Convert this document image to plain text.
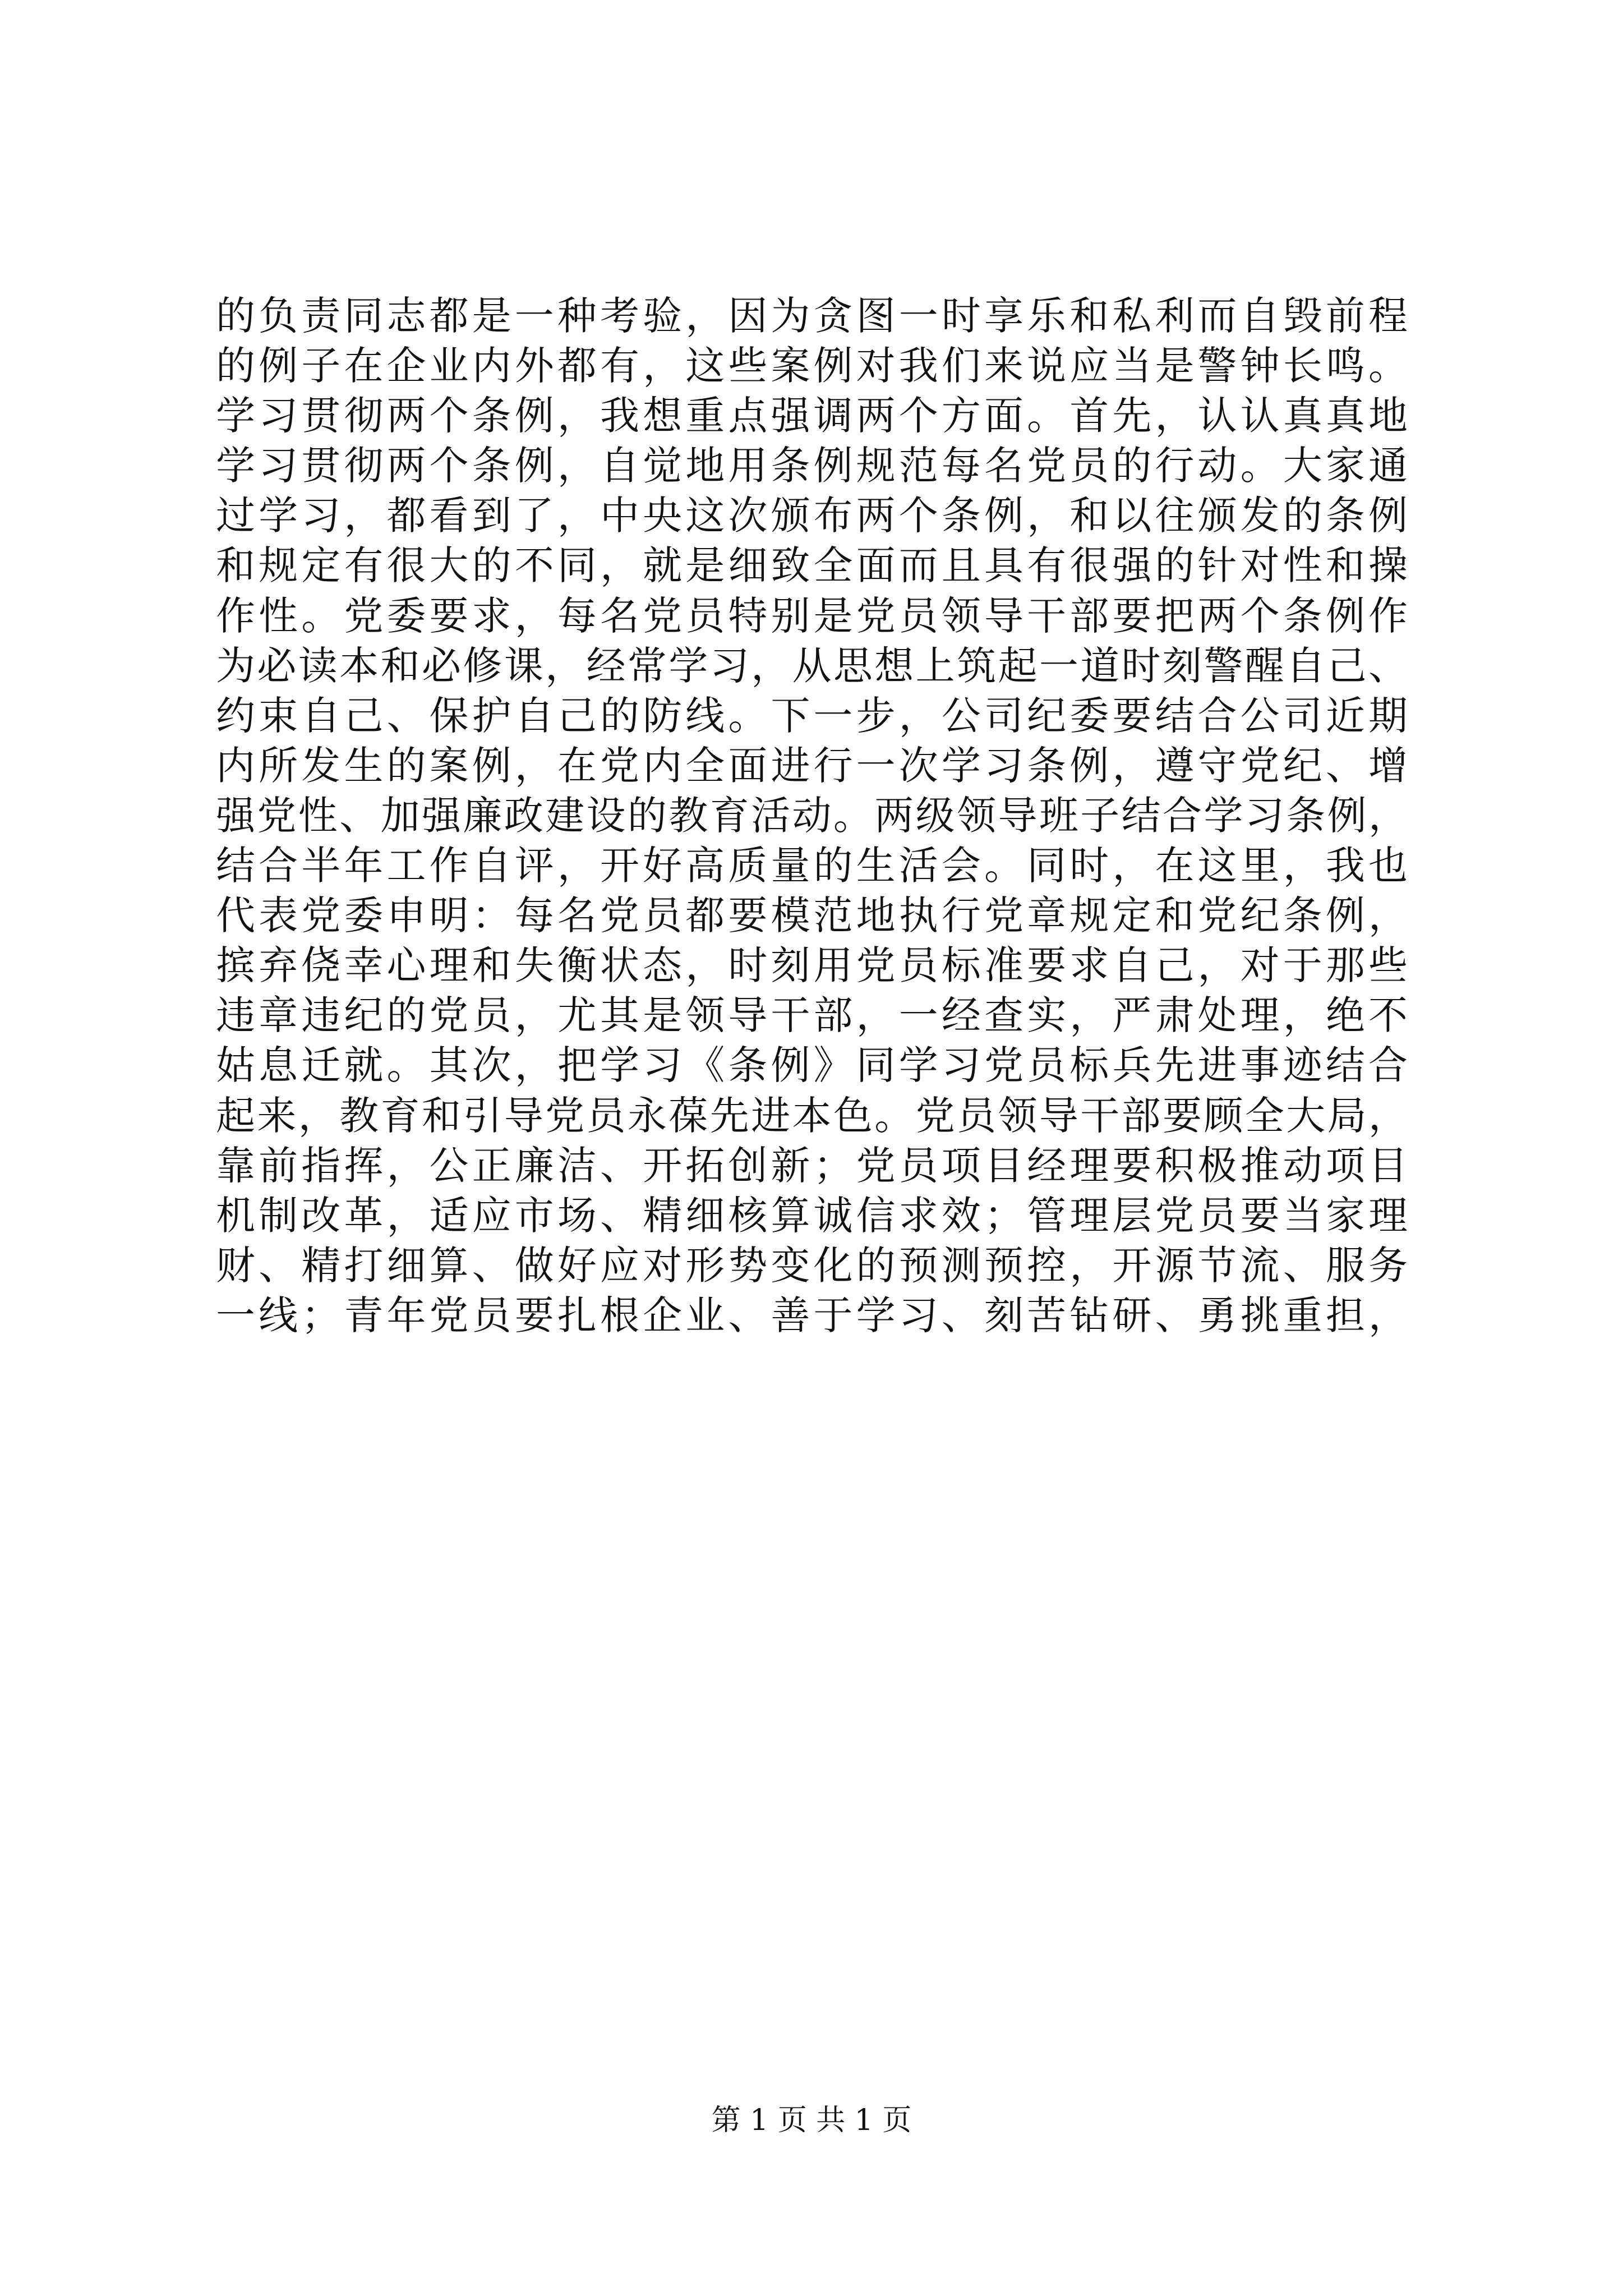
的负责同志都是一种考验，因为贪图一时享乐和私利而自毁前程
的例子在企业内外都有，这些案例对我们来说应当是警钟长鸣。
学习贯彻两个条例，我想重点强调两个方面。首先，认认真真地
学习贯彻两个条例，自觉地用条例规范每名党员的行动。大家通
过学习，都看到了，中央这次颁布两个条例，和以往颁发的条例
和规定有很大的不同，就是细致全面而且具有很强的针对性和操
作性。党委要求，每名党员特别是党员领导干部要把两个条例作
为必读本和必修课，经常学习，从思想上筑起一道时刻警醒自己、
约束自己、保护自己的防线。下一步，公司纪委要结合公司近期
内所发生的案例，在党内全面进行一次学习条例，遵守党纪、增
强党性、加强廉政建设的教育活动。两级领导班子结合学习条例，
结合半年工作自评，开好高质量的生活会。同时，在这里，我也
代表党委申明：每名党员都要模范地执行党章规定和党纪条例，
摈弃侥幸心理和失衡状态，时刻用党员标准要求自己，对于那些
违章违纪的党员，尤其是领导干部，一经查实，严肃处理，绝不
姑息迁就。其次，把学习《条例》同学习党员标兵先进事迹结合
起来，教育和引导党员永葆先进本色。党员领导干部要顾全大局，
靠前指挥，公正廉洁、开拓创新；党员项目经理要积极推动项目
机制改革，适应市场、精细核算诚信求效；管理层党员要当家理
财、精打细算、做好应对形势变化的预测预控，开源节流、服务
一线；青年党员要扎根企业、善于学习、刻苦钻研、勇挑重担，
第 1 页 共 1 页
